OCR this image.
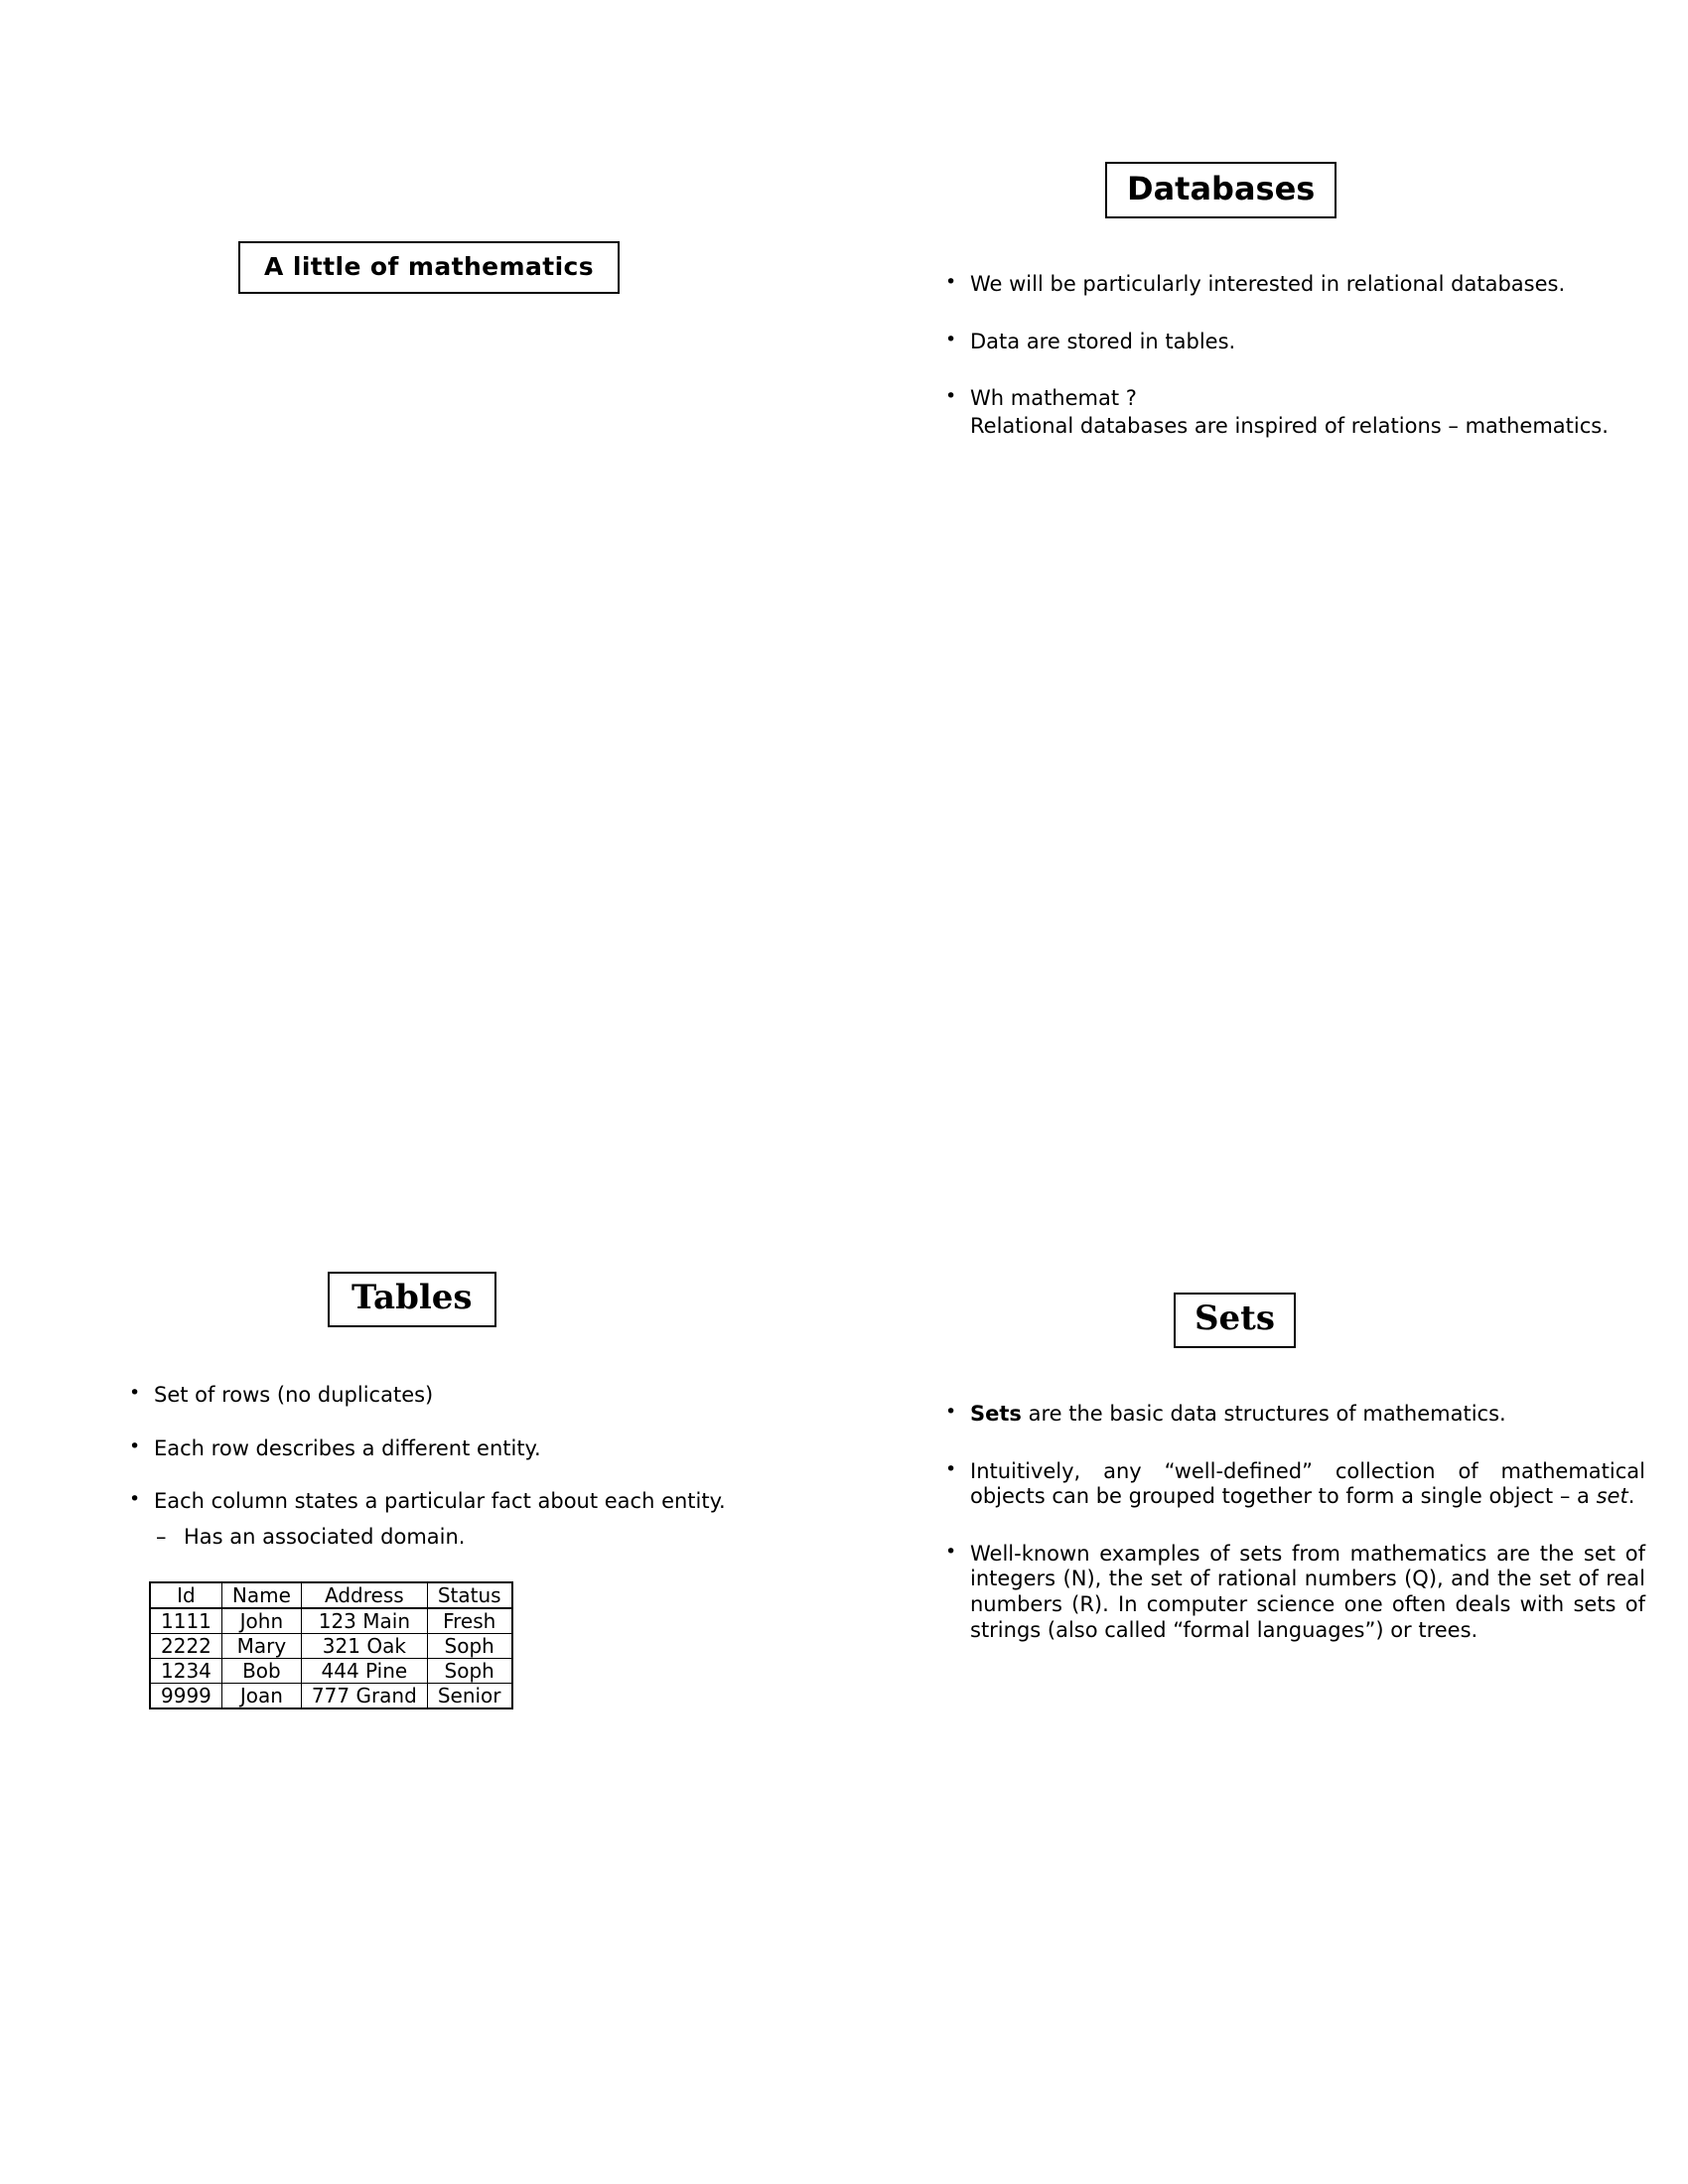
A little of mathematics
Databases
• We will be particularly interested in relational databases.
• Data are stored in tables.
• Wh mathemat ?
Relational databases are inspired of relations – mathematics.
Tables
• Set of rows (no duplicates)
• Each row describes a different entity.
• Each column states a particular fact about each entity.
– Has an associated domain.
Id	Name	Address	Status
1111	John	123 Main	Fresh
2222	Mary	321 Oak	Soph
1234	Bob	444 Pine	Soph
9999	Joan	777 Grand	Senior
Sets
• Sets are the basic data structures of mathematics.
• Intuitively, any “well-defined” collection of mathematical objects can be grouped together to form a single object – a set.
• Well-known examples of sets from mathematics are the set of integers (N), the set of rational numbers (Q), and the set of real numbers (R). In computer science one often deals with sets of strings (also called “formal languages”) or trees.
